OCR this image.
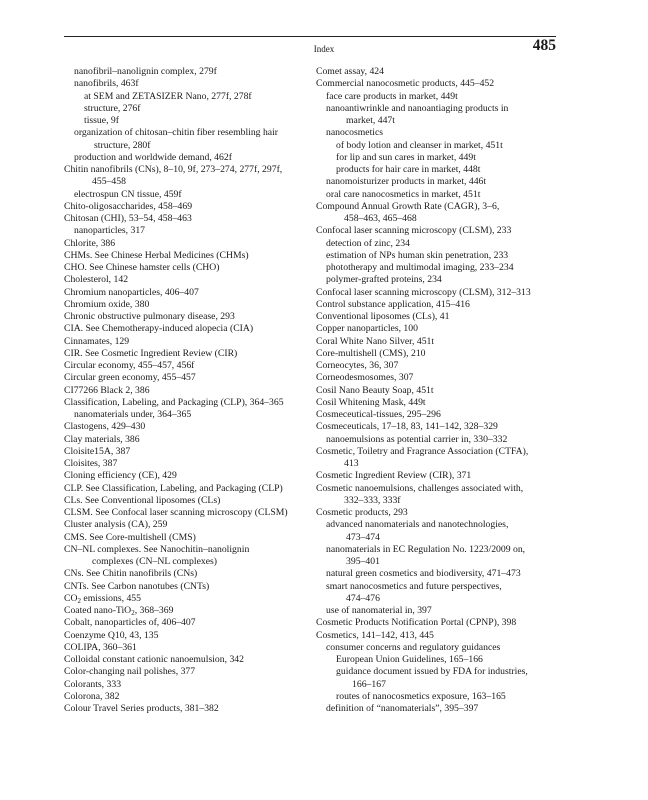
Index	485
nanofibril–nanolignin complex, 279f
nanofibrils, 463f
at SEM and ZETASIZER Nano, 277f, 278f
structure, 276f
tissue, 9f
organization of chitosan–chitin fiber resembling hair
structure, 280f
production and worldwide demand, 462f
Chitin nanofibrils (CNs), 8–10, 9f, 273–274, 277f, 297f,
455–458
electrospun CN tissue, 459f
Chito-oligosaccharides, 458–469
Chitosan (CHI), 53–54, 458–463
nanoparticles, 317
Chlorite, 386
CHMs. See Chinese Herbal Medicines (CHMs)
CHO. See Chinese hamster cells (CHO)
Cholesterol, 142
Chromium nanoparticles, 406–407
Chromium oxide, 380
Chronic obstructive pulmonary disease, 293
CIA. See Chemotherapy-induced alopecia (CIA)
Cinnamates, 129
CIR. See Cosmetic Ingredient Review (CIR)
Circular economy, 455–457, 456f
Circular green economy, 455–457
CI77266 Black 2, 386
Classification, Labeling, and Packaging (CLP), 364–365
nanomaterials under, 364–365
Clastogens, 429–430
Clay materials, 386
Cloisite15A, 387
Cloisites, 387
Cloning efficiency (CE), 429
CLP. See Classification, Labeling, and Packaging (CLP)
CLs. See Conventional liposomes (CLs)
CLSM. See Confocal laser scanning microscopy (CLSM)
Cluster analysis (CA), 259
CMS. See Core-multishell (CMS)
CN–NL complexes. See Nanochitin–nanolignin
complexes (CN–NL complexes)
CNs. See Chitin nanofibrils (CNs)
CNTs. See Carbon nanotubes (CNTs)
$CO_2$ emissions, 455
Coated nano-TiO$_2$, 368–369
Cobalt, nanoparticles of, 406–407
Coenzyme Q10, 43, 135
COLIPA, 360–361
Colloidal constant cationic nanoemulsion, 342
Color-changing nail polishes, 377
Colorants, 333
Colorona, 382
Colour Travel Series products, 381–382
Comet assay, 424
Commercial nanocosmetic products, 445–452
face care products in market, 449t
nanoantiwrinkle and nanoantiaging products in
market, 447t
nanocosmetics
of body lotion and cleanser in market, 451t
for lip and sun cares in market, 449t
products for hair care in market, 448t
nanomoisturizer products in market, 446t
oral care nanocosmetics in market, 451t
Compound Annual Growth Rate (CAGR), 3–6,
458–463, 465–468
Confocal laser scanning microscopy (CLSM), 233
detection of zinc, 234
estimation of NPs human skin penetration, 233
phototherapy and multimodal imaging, 233–234
polymer-grafted proteins, 234
Confocal laser scanning microscopy (CLSM), 312–313
Control substance application, 415–416
Conventional liposomes (CLs), 41
Copper nanoparticles, 100
Coral White Nano Silver, 451t
Core-multishell (CMS), 210
Corneocytes, 36, 307
Corneodesmosomes, 307
Cosil Nano Beauty Soap, 451t
Cosil Whitening Mask, 449t
Cosmeceutical-tissues, 295–296
Cosmeceuticals, 17–18, 83, 141–142, 328–329
nanoemulsions as potential carrier in, 330–332
Cosmetic, Toiletry and Fragrance Association (CTFA),
413
Cosmetic Ingredient Review (CIR), 371
Cosmetic nanoemulsions, challenges associated with,
332–333, 333f
Cosmetic products, 293
advanced nanomaterials and nanotechnologies,
473–474
nanomaterials in EC Regulation No. 1223/2009 on,
395–401
natural green cosmetics and biodiversity, 471–473
smart nanocosmetics and future perspectives,
474–476
use of nanomaterial in, 397
Cosmetic Products Notification Portal (CPNP), 398
Cosmetics, 141–142, 413, 445
consumer concerns and regulatory guidances
European Union Guidelines, 165–166
guidance document issued by FDA for industries,
166–167
routes of nanocosmetics exposure, 163–165
definition of “nanomaterials”, 395–397
